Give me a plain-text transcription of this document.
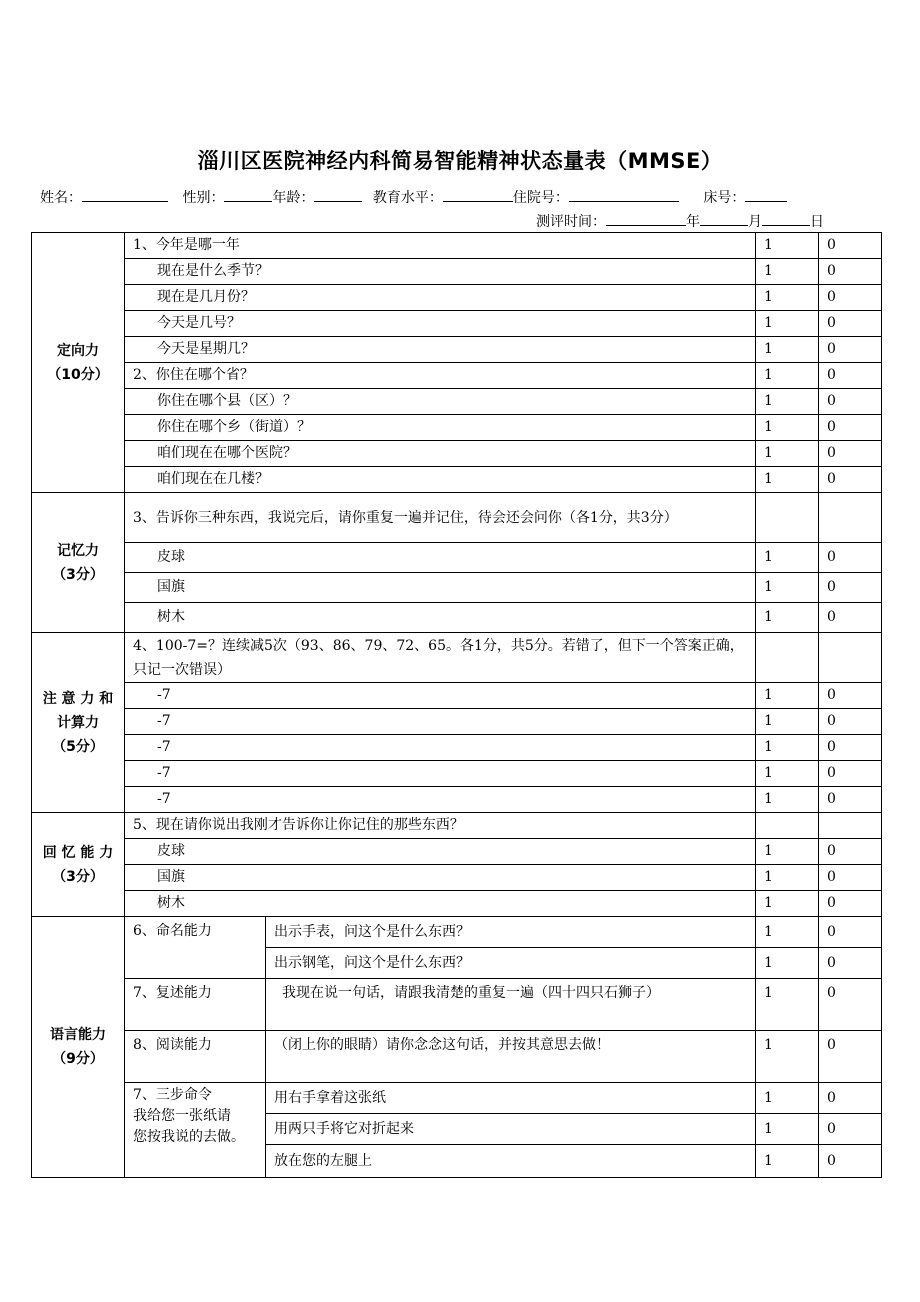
淄川区医院神经内科简易智能精神状态量表（MMSE）
姓名：	性别：	年龄：	教育水平：	住院号：	床号：
测评时间：	年	月	日
定向力
（10分）	1、今年是哪一年		1	0
	现在是什么季节？		1	0
	现在是几月份？		1	0
	今天是几号？		1	0
	今天是星期几？		1	0
	2、你住在哪个省？		1	0
	你住在哪个县（区）？		1	0
	你住在哪个乡（街道）？		1	0
	咱们现在在哪个医院？		1	0
	咱们现在在几楼？		1	0

记忆力
（3分）	3、告诉你三种东西，我说完后，请你重复一遍并记住，待会还会问你（各1分，共3分）			
	皮球		1	0
	国旗		1	0
	树木		1	0

注 意 力 和
计算力
（5分）	4、100-7=？连续减5次（93、86、79、72、65。各1分，共5分。若错了，但下一个答案正确，只记一次错误）			
	-7		1	0
	-7		1	0
	-7		1	0
	-7		1	0
	-7		1	0

回 忆 能 力
（3分）	5、现在请你说出我刚才告诉你让你记住的那些东西？			
	皮球		1	0
	国旗		1	0
	树木		1	0

语言能力
（9分）	6、命名能力	出示手表，问这个是什么东西？	1	0
		出示钢笔，问这个是什么东西？	1	0
	7、复述能力	我现在说一句话，请跟我清楚的重复一遍（四十四只石狮子）	1	0
	8、阅读能力	（闭上你的眼睛）请你念念这句话，并按其意思去做！	1	0

	7、三步命令
我给您一张纸请
您按我说的去做。	用右手拿着这张纸	1	0
		用两只手将它对折起来	1	0
		放在您的左腿上	1	0
